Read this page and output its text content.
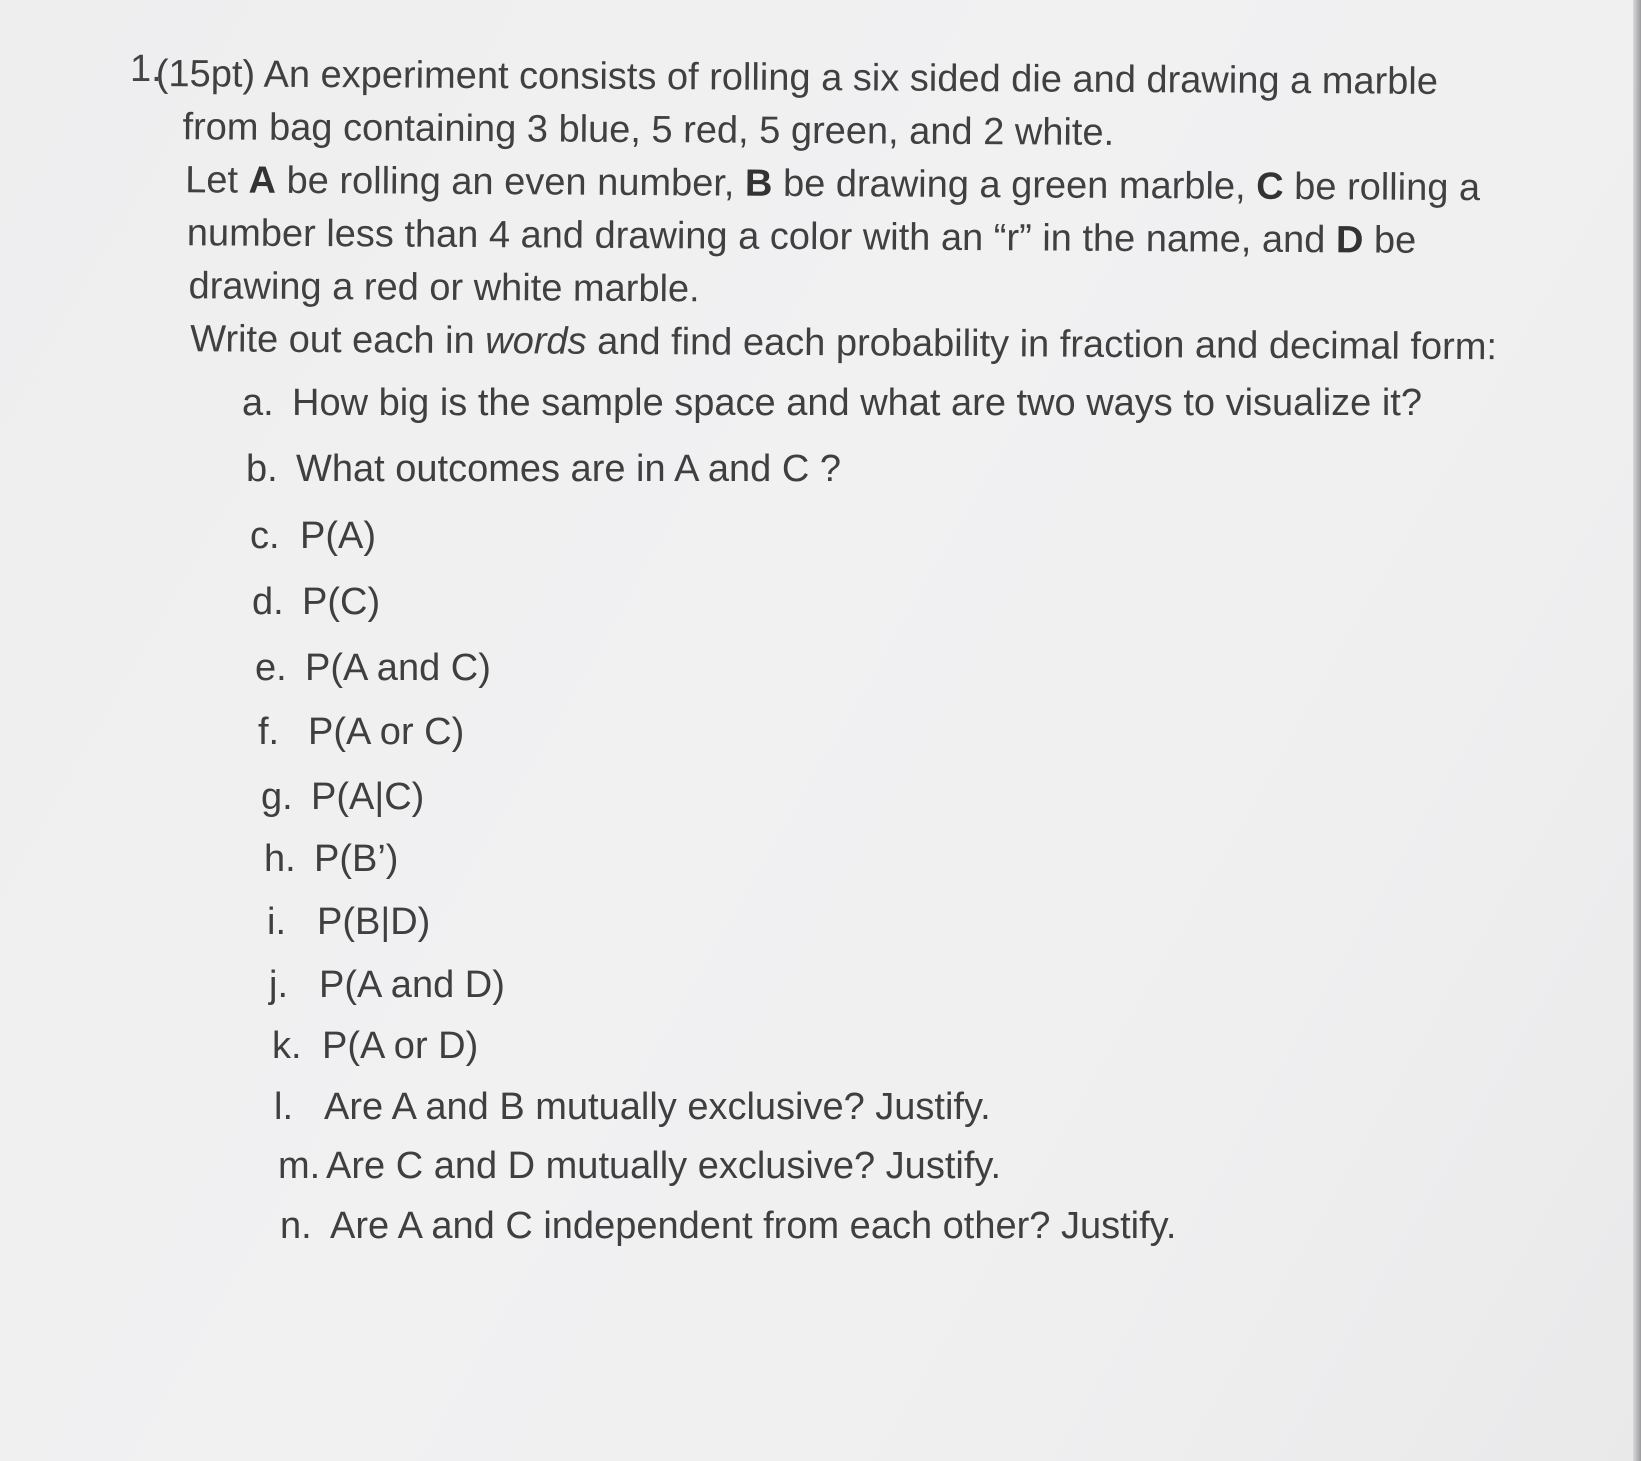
1.
(15pt) An experiment consists of rolling a six sided die and drawing a marble
from bag containing 3 blue, 5 red, 5 green, and 2 white.
Let A be rolling an even number, B be drawing a green marble, C be rolling a
number less than 4 and drawing a color with an “r” in the name, and D be
drawing a red or white marble.
Write out each in words and find each probability in fraction and decimal form:
a. How big is the sample space and what are two ways to visualize it?
b. What outcomes are in A and C ?
c. P(A)
d. P(C)
e. P(A and C)
f. P(A or C)
g. P(A|C)
h. P(B’)
i. P(B|D)
j. P(A and D)
k. P(A or D)
l. Are A and B mutually exclusive? Justify.
m. Are C and D mutually exclusive? Justify.
n. Are A and C independent from each other? Justify.
